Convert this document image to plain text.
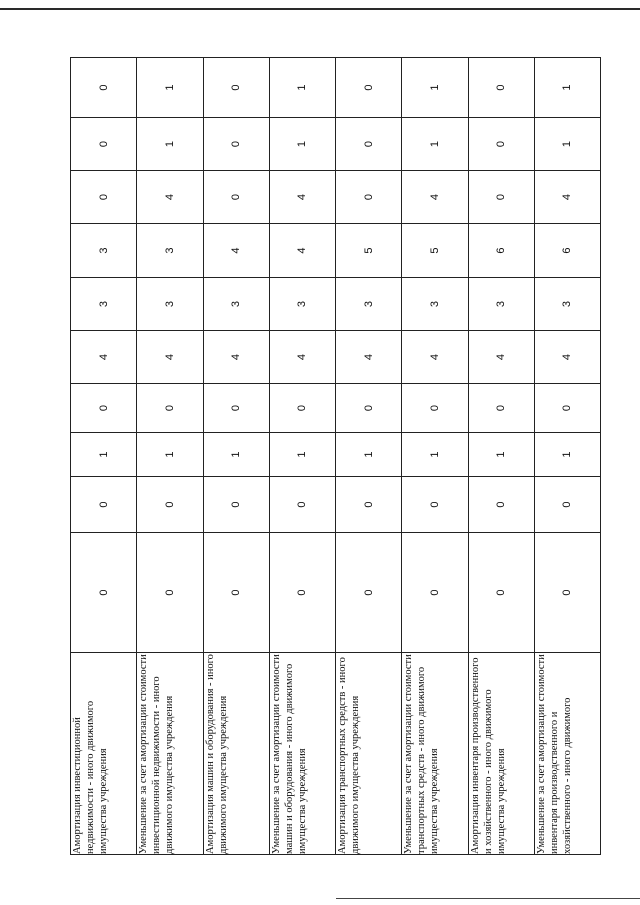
Амортизация инвестиционной недвижимости - иного движимого имущества учреждения	0	0	1	0	4	3	3	0	0	0
Уменьшение за счет амортизации стоимости инвестиционной недвижимости - иного движимого имущества учреждения	0	0	1	0	4	3	3	4	1	1
Амортизация машин и оборудования - иного движимого имущества учреждения	0	0	1	0	4	3	4	0	0	0
Уменьшение за счет амортизации стоимости машин и оборудования - иного движимого имущества учреждения	0	0	1	0	4	3	4	4	1	1
Амортизация транспортных средств - иного движимого имущества учреждения	0	0	1	0	4	3	5	0	0	0
Уменьшение за счет амортизации стоимости транспортных средств - иного движимого имущества учреждения	0	0	1	0	4	3	5	4	1	1
Амортизация инвентаря производственного и хозяйственного - иного движимого имущества учреждения	0	0	1	0	4	3	6	0	0	0
Уменьшение за счет амортизации стоимости инвентаря производственного и хозяйственного - иного движимого	0	0	1	0	4	3	6	4	1	1
